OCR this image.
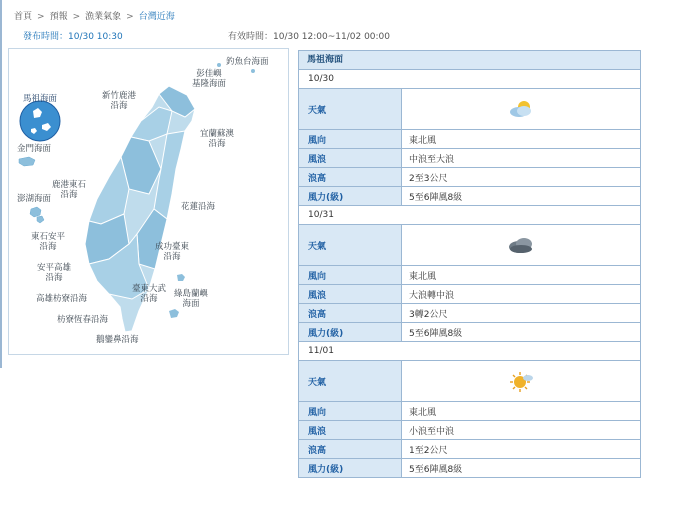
首頁 > 預報 > 漁業氣象 > 台灣近海
發布時間：10/30 10:30	有效時間：10/30 12:00~11/02 00:00
釣魚台海面
彭佳嶼
基隆海面
馬祖海面	新竹鹿港
沿海
宜蘭蘇澳
沿海
金門海面
鹿港東石
沿海
澎湖海面
花蓮沿海
東石安平
沿海	成功臺東
沿海
安平高雄
沿海
高雄枋寮沿海
臺東大武
沿海	綠島蘭嶼
海面
枋寮恆春沿海
鵝鑾鼻沿海
馬祖海面
10/30
天氣
風向	東北風
風浪	中浪至大浪
浪高	2至3公尺
風力(級)	5至6陣風8級
10/31
天氣
風向	東北風
風浪	大浪轉中浪
浪高	3轉2公尺
風力(級)	5至6陣風8級
11/01
天氣
風向	東北風
風浪	小浪至中浪
浪高	1至2公尺
風力(級)	5至6陣風8級
